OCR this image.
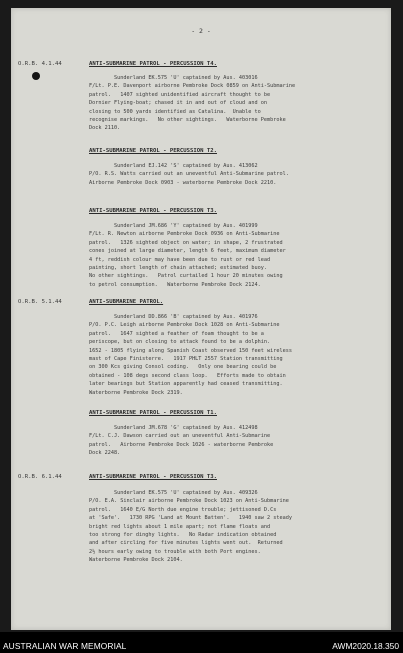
- 2 -
O.R.B. 4.1.44	ANTI-SUBMARINE PATROL - PERCUSSION T4.
Sunderland EK.575 'U' captained by Aus. 403016
F/Lt. P.E. Davenport airborne Pembroke Dock 0859 on Anti-Submarine
patrol.   1407 sighted unidentified aircraft thought to be
Dornier Flying-boat; chased it in and out of cloud and on
closing to 500 yards identified as Catalina.  Unable to
recognise markings.   No other sightings.   Waterborne Pembroke
Dock 2110.
ANTI-SUBMARINE PATROL - PERCUSSION T2.
Sunderland EJ.142 'S' captained by Aus. 413062
P/O. R.S. Watts carried out an uneventful Anti-Submarine patrol.
Airborne Pembroke Dock 0903 - waterborne Pembroke Dock 2210.
ANTI-SUBMARINE PATROL - PERCUSSION T3.
Sunderland JM.686 'Y' captained by Aus. 401999
F/Lt. R. Newton airborne Pembroke Dock 0936 on Anti-Submarine
patrol.   1326 sighted object on water; in shape, 2 frustrated
cones joined at large diameter, length 6 feet, maximum diameter
4 ft, reddish colour may have been due to rust or red lead
painting, short length of chain attached; estimated buoy.
No other sightings.   Patrol curtailed 1 hour 20 minutes owing
to petrol consumption.   Waterborne Pembroke Dock 2124.
O.R.B. 5.1.44	ANTI-SUBMARINE PATROL.
Sunderland DD.866 'B' captained by Aus. 401976
P/O. P.C. Leigh airborne Pembroke Dock 1028 on Anti-Submarine
patrol.   1647 sighted a feather of foam thought to be a
periscope, but on closing to attack found to be a dolphin.
1652 - 1805 flying along Spanish Coast observed 150 feet wireless
mast of Cape Finisterre.   1917 PHLT 2557 Station transmitting
on 300 Kcs giving Consol coding.   Only one bearing could be
obtained - 108 degs second class loop.   Efforts made to obtain
later bearings but Station apparently had ceased transmitting.
Waterborne Pembroke Dock 2319.
ANTI-SUBMARINE PATROL - PERCUSSION T1.
Sunderland JM.678 'G' captained by Aus. 412498
F/Lt. C.J. Dawson carried out an uneventful Anti-Submarine
patrol.   Airborne Pembroke Dock 1026 - waterborne Pembroke
Dock 2248.
O.R.B. 6.1.44	ANTI-SUBMARINE PATROL - PERCUSSION T3.
Sunderland EK.575 'U' captained by Aus. 409326
P/O. E.A. Sinclair airborne Pembroke Dock 1023 on Anti-Submarine
patrol.   1640 E/G North due engine trouble; jettisoned D.Cs
at 'Safe'.   1730 RPG 'Land at Mount Batten'.   1940 saw 2 steady
bright red lights about 1 mile apart; not flame floats and
too strong for dinghy lights.   No Radar indication obtained
and after circling for five minutes lights went out.  Returned
2½ hours early owing to trouble with both Port engines.
Waterborne Pembroke Dock 2104.
AUSTRALIAN WAR MEMORIAL	AWM2020.18.350
